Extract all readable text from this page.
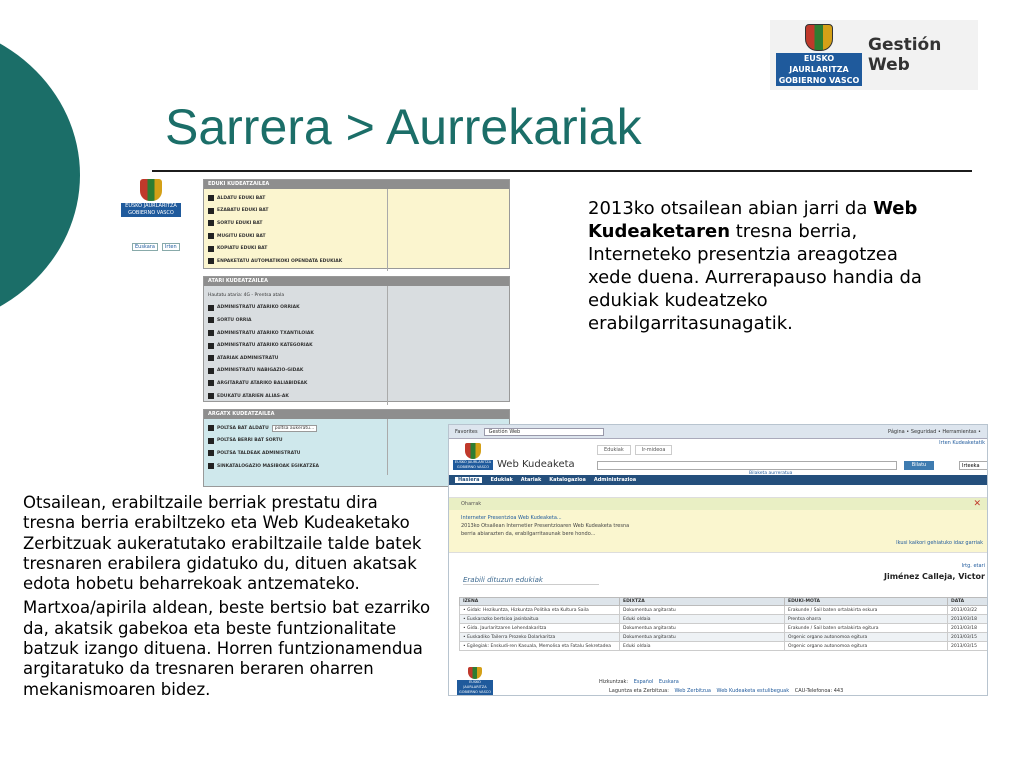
EUSKO JAURLARITZA
GOBIERNO VASCO
Gestión Web
Sarrera > Aurrekariak
2013ko otsailean abian jarri da Web Kudeaketaren tresna berria, Interneteko presentzia areagotzea xede duena. Aurrerapauso handia da edukiak kudeatzeko erabilgarritasunagatik.
EUSKO JAURLARITZA
GOBIERNO VASCO
Euskara	Irten
EDUKI KUDEATZAILEA
ALDATU EDUKI BAT
EZABATU EDUKI BAT
SORTU EDUKI BAT
MUGITU EDUKI BAT
KOPIATU EDUKI BAT
ENPAKETATU AUTOMATIKOKI OPENDATA EDUKIAK
ATARI KUDEATZAILEA
Hautatu ataria: 4G - Prentsa atala
ADMINISTRATU ATARIKO ORRIAK
SORTU ORRIA
ADMINISTRATU ATARIKO TXANTILOIAK
ADMINISTRATU ATARIKO KATEGORIAK
ATARIAK ADMINISTRATU
ADMINISTRATU NABIGAZIO-GIDAK
ARGITARATU ATARIKO BALIABIDEAK
EDUKATU ATARIEN ALIAS-AK
ARGATX KUDEATZAILEA
POLTSA BAT ALDATU	poltsa aukeratu...
POLTSA BERRI BAT SORTU
POLTSA TALDEAK ADMINISTRATU
SINKATALOGAZIO MASIBOAK EGIKATZEA
Favorites	Gestión Web	Página • Seguridad • Herramientas •
EUSKO JAURLARITZA
GOBIERNO VASCO Web Kudeaketa
Edukiak	Ir-mideoa
Irten Kudeaketatik
Bilaketa aurreratua
Bilatu	Irteeka
Hasiera	Edukiak Atariak Katalogazioa Administrazioa
Oharrak	✕
Interneter Presentzioa Web Kudeaketa...
2013ko Otsailean Internetier Presentzioaren Web Kudeaketa tresna
berria abiarazten da, erabilgarritasunak bere hondo...
Ikusi kaikori gehiatuko idaz garriak
Erabili dituzun edukiak
Irtg. etari
Jiménez Calleja, Victor
IZENA	EDIXTZA	EDUKI-MOTA	DATA
• Gidak: Hezikuntza, Hizkuntza Politika eta Kultura Saila	Dokumentua argitaratu	Erakunde / Sail baten ortalakirta eskura	2013/03/22
• Euskarazko bertsioa jasinbaitua	Eduki oldaia	Prentsa oharra	2013/03/18
• Gida. Jaurlaritzaren Lehendakaritza	Dokumentua argitaratu	Erakunde / Sail baten ortalakirta egitura	2013/03/18
• Euskadiko Tailerra Prozeko Dolarkaritza	Dokumentua argitaratu	Orgenic organo autonomoa egitura	2013/03/15
• Egilegiak: Enskudi-ren Kasuala, Memolisa eta Fatalu Sekretadea	Eduki oldaia	Orgenic organo autonomoa egitura	2013/03/15
EUSKO JAURLARITZA
GOBIERNO VASCO
Hizkuntzak: Español Euskara
Laguntza eta Zerbitzua: Web Zerbitzua Web Kudeaketa estulibeguak CAU-Telefonoa: 443

Otsailean, erabiltzaile berriak prestatu dira tresna berria erabiltzeko eta Web Kudeaketako Zerbitzuak aukeratutako erabiltzaile talde batek tresnaren erabilera gidatuko du, dituen akatsak edota hobetu beharrekoak antzemateko.

Martxoa/apirila aldean, beste bertsio bat ezarriko da, akatsik gabekoa eta beste funtzionalitate batzuk izango dituena. Horren funtzionamendua argitaratuko da tresnaren beraren oharren mekanismoaren bidez.
